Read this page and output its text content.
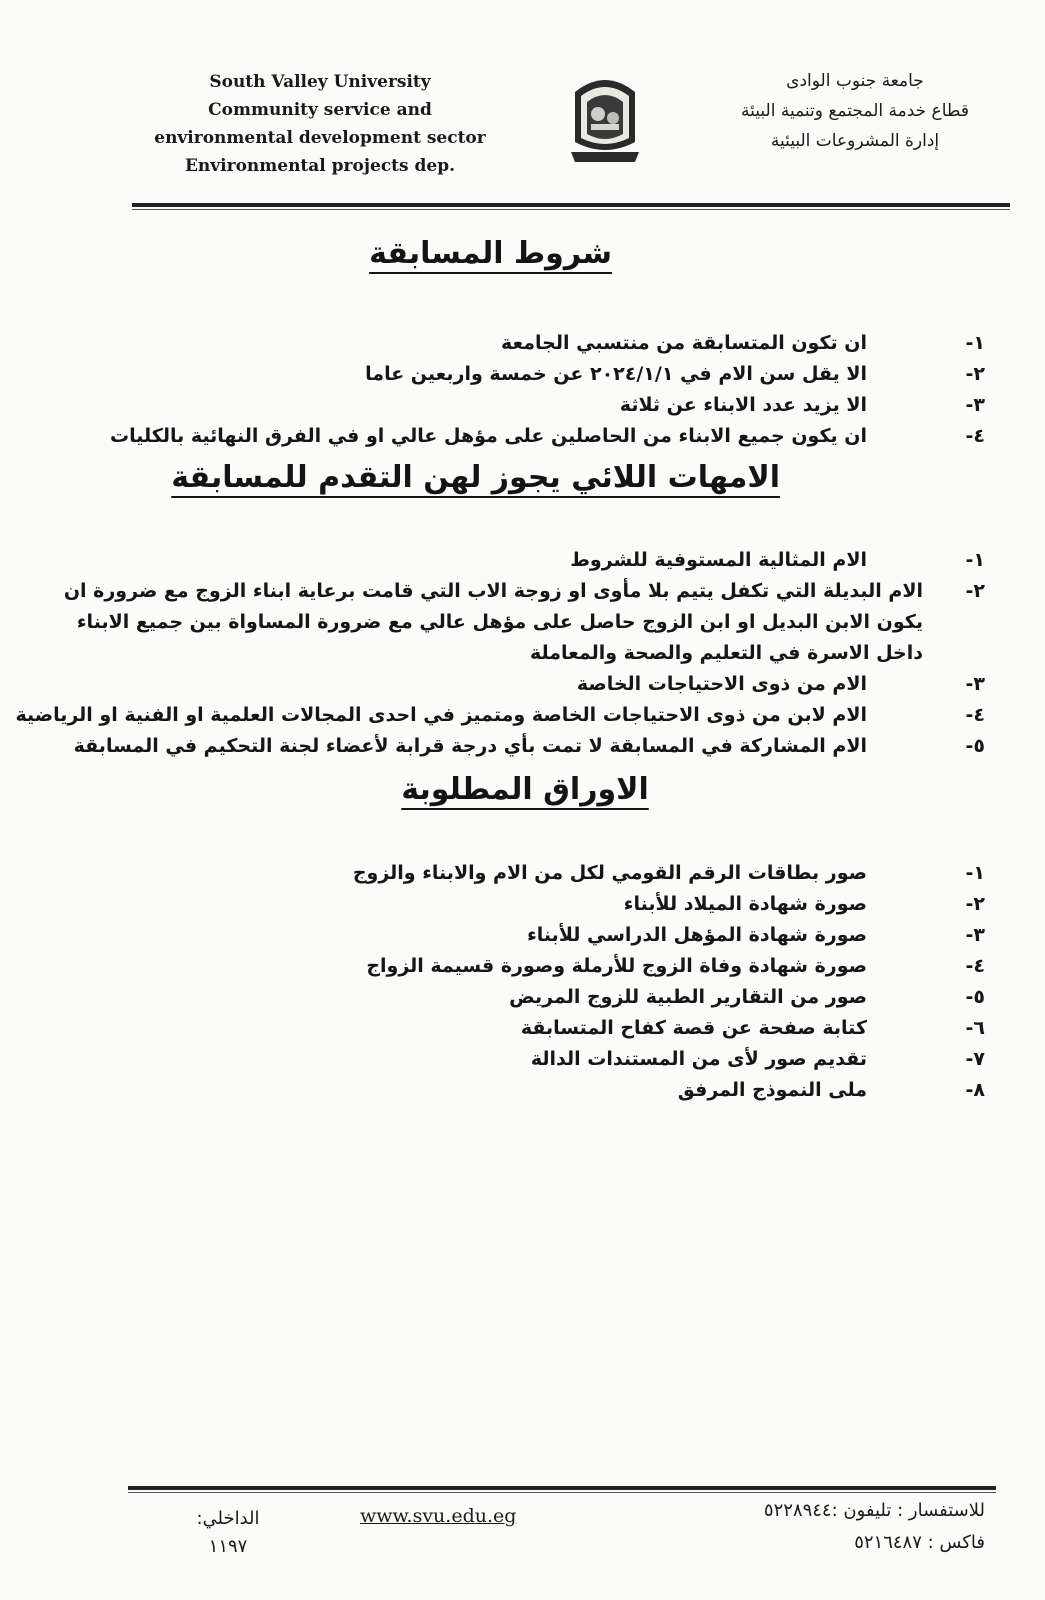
South Valley University
Community service and
environmental development sector
Environmental projects dep.
جامعة جنوب الوادى
قطاع خدمة المجتمع وتنمية البيئة
إدارة المشروعات البيئية
شروط المسابقة
١-
ان تكون المتسابقة من منتسبي الجامعة
٢-
الا يقل سن الام في ٢٠٢٤/١/١ عن خمسة واربعين عاما
٣-
الا يزيد عدد الابناء عن ثلاثة
٤-
ان يكون جميع الابناء من الحاصلين على مؤهل عالي او في الفرق النهائية بالكليات
الامهات اللائي يجوز لهن التقدم للمسابقة
١-
الام المثالية المستوفية للشروط
٢-
الام البديلة التي تكفل يتيم بلا مأوى او زوجة الاب التي قامت برعاية ابناء الزوج مع ضرورة ان يكون الابن البديل او ابن الزوج حاصل على مؤهل عالي مع ضرورة المساواة بين جميع الابناء داخل الاسرة في التعليم والصحة والمعاملة
٣-
الام من ذوى الاحتياجات الخاصة
٤-
الام لابن من ذوى الاحتياجات الخاصة ومتميز في احدى المجالات العلمية او الفنية او الرياضية
٥-
الام المشاركة في المسابقة لا تمت بأي درجة قرابة لأعضاء لجنة التحكيم في المسابقة
الاوراق المطلوبة
١-
صور بطاقات الرقم القومي لكل من الام والابناء والزوج
٢-
صورة شهادة الميلاد للأبناء
٣-
صورة شهادة المؤهل الدراسي للأبناء
٤-
صورة شهادة وفاة الزوج للأرملة وصورة قسيمة الزواج
٥-
صور من التقارير الطبية للزوج المريض
٦-
كتابة صفحة عن قصة كفاح المتسابقة
٧-
تقديم صور لأى من المستندات الدالة
٨-
ملى النموذج المرفق
للاستفسار : تليفون :٥٢٢٨٩٤٤
فاكس : ٥٢١٦٤٨٧
www.svu.edu.eg
الداخلي:
١١٩٧
